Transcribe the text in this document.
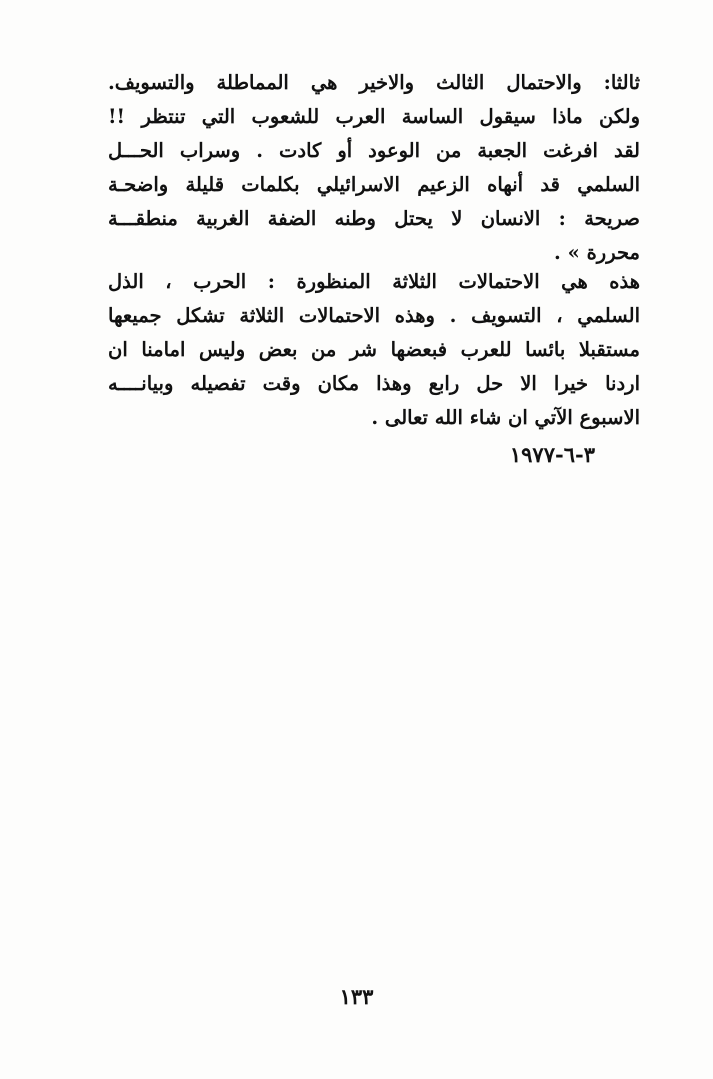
ثالثا: والاحتمال الثالث والاخير هي المماطلة والتسويف.
ولكن ماذا سيقول الساسة العرب للشعوب التي تنتظر !!
لقد افرغت الجعبة من الوعود أو كادت . وسراب الحـــل
السلمي قد أنهاه الزعيم الاسرائيلي بكلمات قليلة واضحـة
صريحة : الانسان لا يحتل وطنه الضفة الغربية منطقـــة
محررة » .
هذه هي الاحتمالات الثلاثة المنظورة : الحرب ، الذل
السلمي ، التسويف . وهذه الاحتمالات الثلاثة تشكل جميعها
مستقبلا بائسا للعرب فبعضها شر من بعض وليس امامنا ان
اردنا خيرا الا حل رابع وهذا مكان وقت تفصيله وبيانــــه
الاسبوع الآتي ان شاء الله تعالى .
٣-٦-١٩٧٧
١٣٣
